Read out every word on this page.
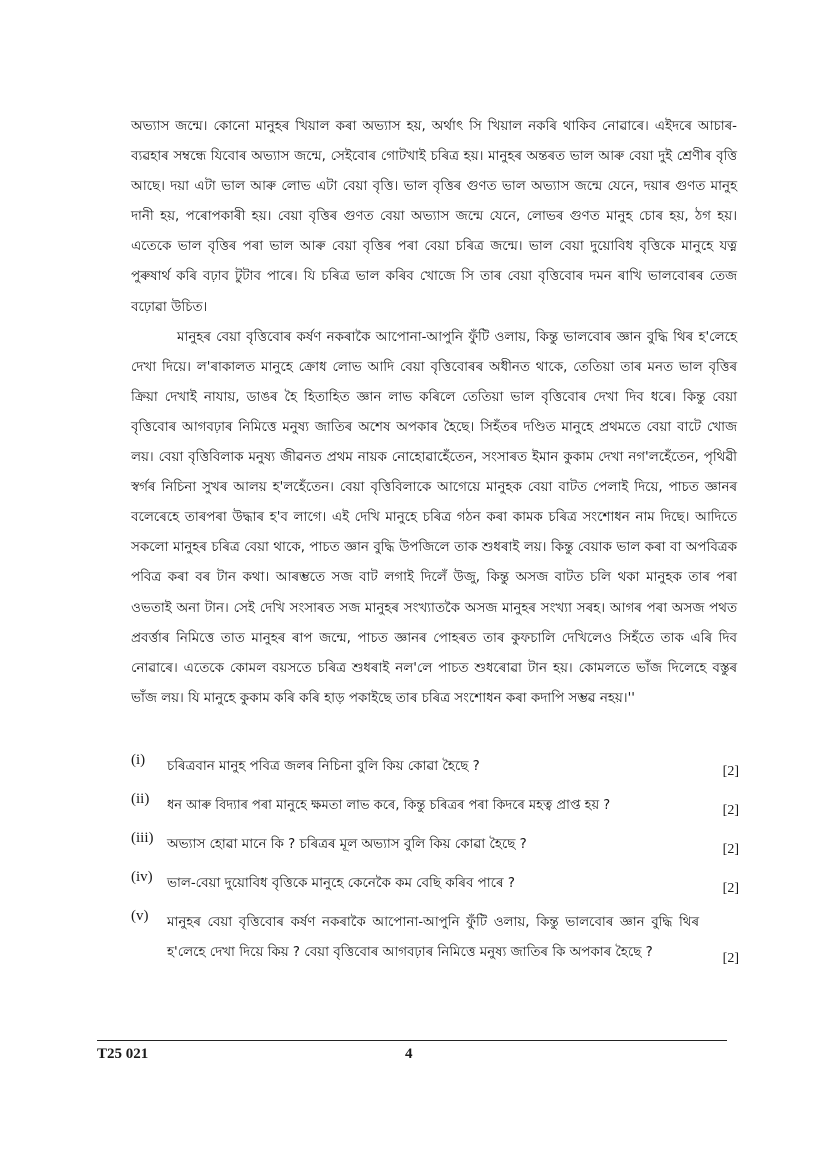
অভ্যাস জন্মে। কোনো মানুহৰ খিয়াল কৰা অভ্যাস হয়, অৰ্থাৎ সি খিয়াল নকৰি থাকিব নোৱাৰে। এইদৰে আচাৰ-ব্যৱহাৰ সম্বন্ধে যিবোৰ অভ্যাস জন্মে, সেইবোৰ গোটখাই চৰিত্ৰ হয়। মানুহৰ অন্তৰত ভাল আৰু বেয়া দুই শ্ৰেণীৰ বৃত্তি আছে। দয়া এটা ভাল আৰু লোভ এটা বেয়া বৃত্তি। ভাল বৃত্তিৰ গুণত ভাল অভ্যাস জন্মে যেনে, দয়াৰ গুণত মানুহ দানী হয়, পৰোপকাৰী হয়। বেয়া বৃত্তিৰ গুণত বেয়া অভ্যাস জন্মে যেনে, লোভৰ গুণত মানুহ চোৰ হয়, ঠগ হয়। এতেকে ভাল বৃত্তিৰ পৰা ভাল আৰু বেয়া বৃত্তিৰ পৰা বেয়া চৰিত্ৰ জন্মে। ভাল বেয়া দুয়োবিধ বৃত্তিকে মানুহে যত্ন পুৰুষাৰ্থ কৰি বঢ়াব টুটাব পাৰে। যি চৰিত্ৰ ভাল কৰিব খোজে সি তাৰ বেয়া বৃত্তিবোৰ দমন ৰাখি ভালবোৰৰ তেজ বঢ়োৱা উচিত।

মানুহৰ বেয়া বৃত্তিবোৰ কৰ্ষণ নকৰাকৈ আপোনা-আপুনি ফুঁটি ওলায়, কিন্তু ভালবোৰ জ্ঞান বুদ্ধি থিৰ হ'লেহে দেখা দিয়ে। ল'ৰাকালত মানুহে ক্ৰোধ লোভ আদি বেয়া বৃত্তিবোৰৰ অধীনত থাকে, তেতিয়া তাৰ মনত ভাল বৃত্তিৰ ক্ৰিয়া দেখাই নাযায়, ডাঙৰ হৈ হিতাহিত জ্ঞান লাভ কৰিলে তেতিয়া ভাল বৃত্তিবোৰ দেখা দিব ধৰে। কিন্তু বেয়া বৃত্তিবোৰ আগবঢ়াৰ নিমিত্তে মনুষ্য জাতিৰ অশেষ অপকাৰ হৈছে। সিহঁতৰ দণ্ডিত মানুহে প্ৰথমতে বেয়া বাটে খোজ লয়। বেয়া বৃত্তিবিলাক মনুষ্য জীৱনত প্ৰথম নায়ক নোহোৱাহেঁতেন, সংসাৰত ইমান কুকাম দেখা নগ'লহেঁতেন, পৃথিৱী স্বৰ্গৰ নিচিনা সুখৰ আলয় হ'লহেঁতেন। বেয়া বৃত্তিবিলাকে আগেয়ে মানুহক বেয়া বাটত পেলাই দিয়ে, পাচত জ্ঞানৰ বলেৰেহে তাৰপৰা উদ্ধাৰ হ'ব লাগে। এই দেখি মানুহে চৰিত্ৰ গঠন কৰা কামক চৰিত্ৰ সংশোধন নাম দিছে। আদিতে সকলো মানুহৰ চৰিত্ৰ বেয়া থাকে, পাচত জ্ঞান বুদ্ধি উপজিলে তাক শুধৰাই লয়। কিন্তু বেয়াক ভাল কৰা বা অপবিত্ৰক পবিত্ৰ কৰা বৰ টান কথা। আৰম্ভতে সজ বাট লগাই দিলেঁ উজু, কিন্তু অসজ বাটত চলি থকা মানুহক তাৰ পৰা ওভতাই অনা টান। সেই দেখি সংসাৰত সজ মানুহৰ সংখ্যাতকৈ অসজ মানুহৰ সংখ্যা সৰহ। আগৰ পৰা অসজ পথত প্ৰবৰ্ত্তাৰ নিমিত্তে তাত মানুহৰ ৰাপ জন্মে, পাচত জ্ঞানৰ পোহৰত তাৰ কুফচালি দেখিলেও সিহঁতে তাক এৰি দিব নোৱাৰে। এতেকে কোমল বয়সতে চৰিত্ৰ শুধৰাই নল'লে পাচত শুধৰোৱা টান হয়। কোমলতে ভাঁজ দিলেহে বস্তুৰ ভাঁজ লয়। যি মানুহে কুকাম কৰি কৰি হাড় পকাইছে তাৰ চৰিত্ৰ সংশোধন কৰা কদাপি সম্ভৱ নহয়।''

(i)	চৰিত্ৰবান মানুহ পবিত্ৰ জলৰ নিচিনা বুলি কিয় কোৱা হৈছে ?	[2]
(ii)	ধন আৰু বিদ্যাৰ পৰা মানুহে ক্ষমতা লাভ কৰে, কিন্তু চৰিত্ৰৰ পৰা কিদৰে মহত্ব প্ৰাপ্ত হয় ?	[2]
(iii)	অভ্যাস হোৱা মানে কি ? চৰিত্ৰৰ মূল অভ্যাস বুলি কিয় কোৱা হৈছে ?	[2]
(iv)	ভাল-বেয়া দুয়োবিধ বৃত্তিকে মানুহে কেনেকৈ কম বেছি কৰিব পাৰে ?	[2]
(v)	মানুহৰ বেয়া বৃত্তিবোৰ কৰ্ষণ নকৰাকৈ আপোনা-আপুনি ফুঁটি ওলায়, কিন্তু ভালবোৰ জ্ঞান বুদ্ধি থিৰ হ'লেহে দেখা দিয়ে কিয় ? বেয়া বৃত্তিবোৰ আগবঢ়াৰ নিমিত্তে মনুষ্য জাতিৰ কি অপকাৰ হৈছে ?	[2]
T25 021	4
